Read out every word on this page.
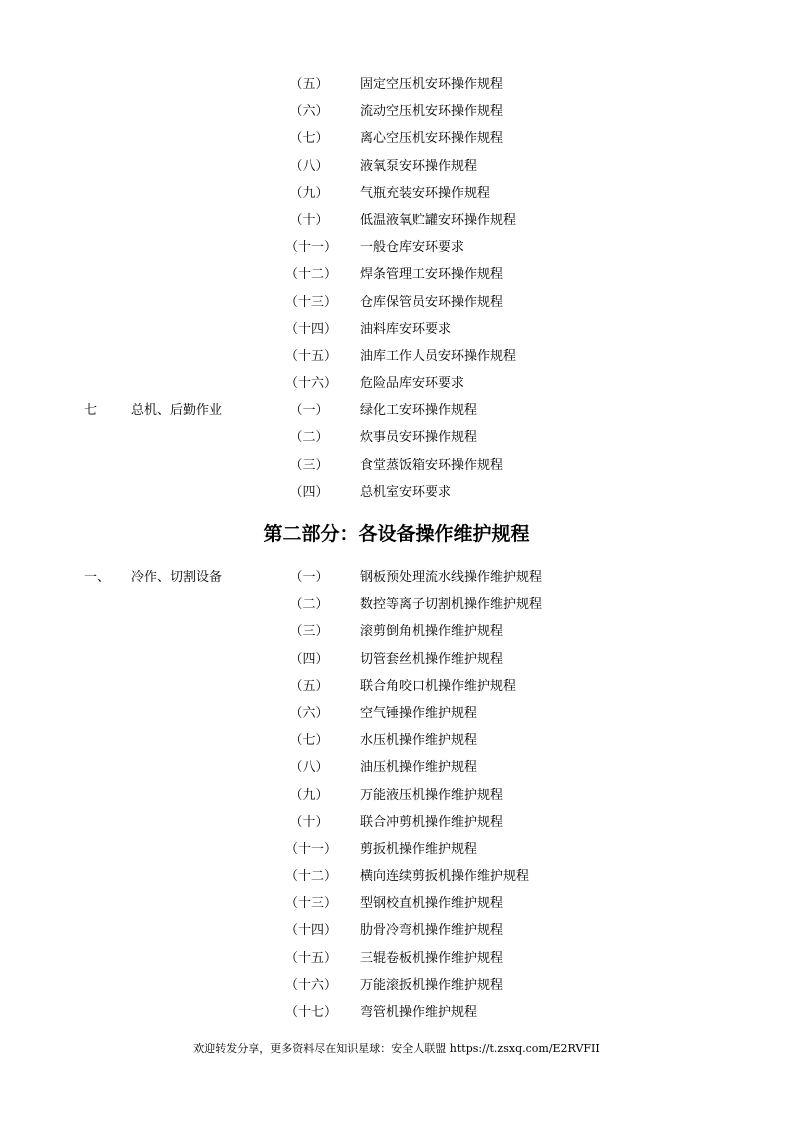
（五）	固定空压机安环操作规程
（六）	流动空压机安环操作规程
（七）	离心空压机安环操作规程
（八）	液氧泵安环操作规程
（九）	气瓶充装安环操作规程
（十）	低温液氧贮罐安环操作规程
（十一） 一般仓库安环要求
（十二） 焊条管理工安环操作规程
（十三） 仓库保管员安环操作规程
（十四） 油料库安环要求
（十五） 油库工作人员安环操作规程
（十六） 危险品库安环要求
七	总机、后勤作业	（一）	绿化工安环操作规程
（二）	炊事员安环操作规程
（三）	食堂蒸饭箱安环操作规程
（四）	总机室安环要求
第二部分：各设备操作维护规程
一、 冷作、切割设备	（一）	钢板预处理流水线操作维护规程
（二）	数控等离子切割机操作维护规程
（三）	滚剪倒角机操作维护规程
（四）	切管套丝机操作维护规程
（五）	联合角咬口机操作维护规程
（六）	空气锤操作维护规程
（七）	水压机操作维护规程
（八）	油压机操作维护规程
（九）	万能液压机操作维护规程
（十）	联合冲剪机操作维护规程
（十一） 剪扳机操作维护规程
（十二） 横向连续剪扳机操作维护规程
（十三） 型钢校直机操作维护规程
（十四） 肋骨冷弯机操作维护规程
（十五） 三辊卷板机操作维护规程
（十六） 万能滚扳机操作维护规程
（十七） 弯管机操作维护规程
欢迎转发分享，更多资料尽在知识星球：安全人联盟 https://t.zsxq.com/E2RVFII
